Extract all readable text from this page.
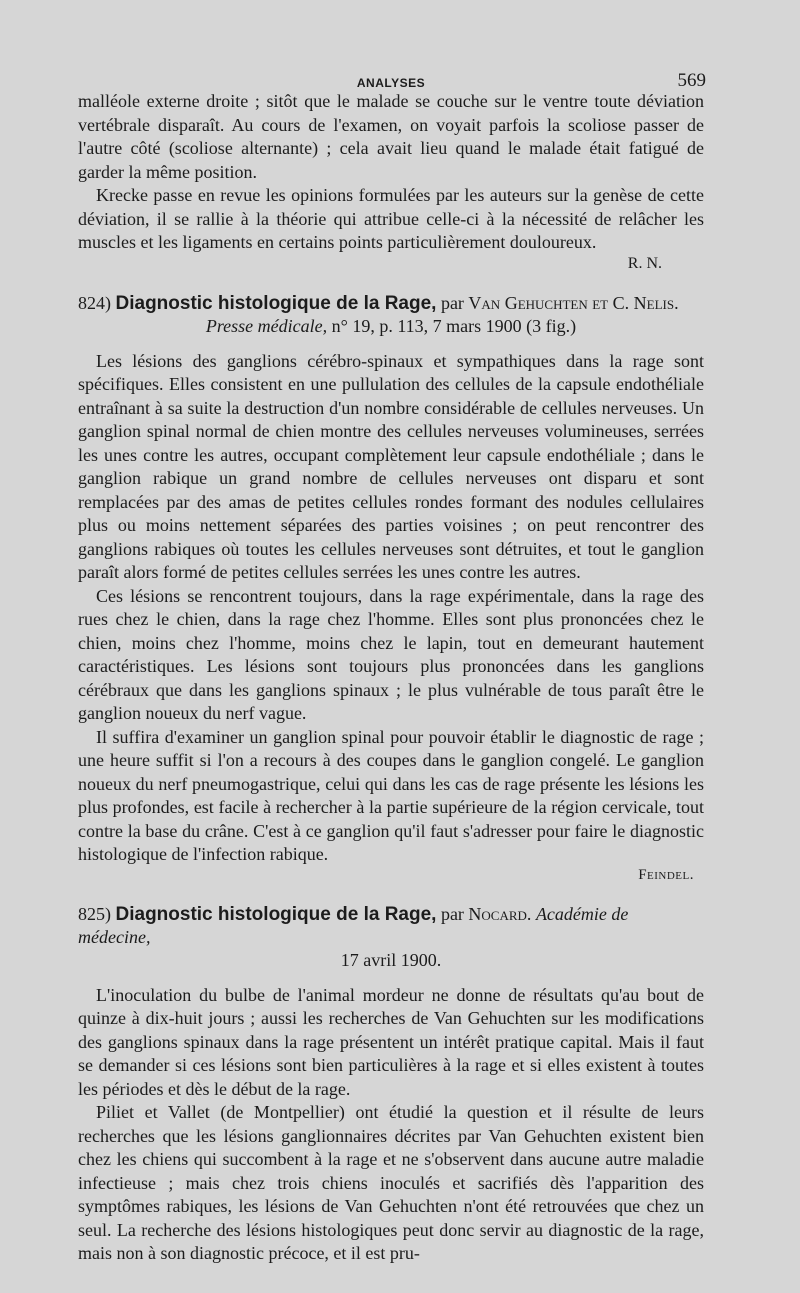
ANALYSES	569

malléole externe droite ; sitôt que le malade se couche sur le ventre toute déviation vertébrale disparaît. Au cours de l'examen, on voyait parfois la scoliose passer de l'autre côté (scoliose alternante) ; cela avait lieu quand le malade était fatigué de garder la même position.

Krecke passe en revue les opinions formulées par les auteurs sur la genèse de cette déviation, il se rallie à la théorie qui attribue celle-ci à la nécessité de relâcher les muscles et les ligaments en certains points particulièrement douloureux.

R. N.
824) Diagnostic histologique de la Rage, par Van Gehuchten et C. Nelis.
Presse médicale, n° 19, p. 113, 7 mars 1900 (3 fig.)

Les lésions des ganglions cérébro-spinaux et sympathiques dans la rage sont spécifiques. Elles consistent en une pullulation des cellules de la capsule endothéliale entraînant à sa suite la destruction d'un nombre considérable de cellules nerveuses. Un ganglion spinal normal de chien montre des cellules nerveuses volumineuses, serrées les unes contre les autres, occupant complètement leur capsule endothéliale ; dans le ganglion rabique un grand nombre de cellules nerveuses ont disparu et sont remplacées par des amas de petites cellules rondes formant des nodules cellulaires plus ou moins nettement séparées des parties voisines ; on peut rencontrer des ganglions rabiques où toutes les cellules nerveuses sont détruites, et tout le ganglion paraît alors formé de petites cellules serrées les unes contre les autres.

Ces lésions se rencontrent toujours, dans la rage expérimentale, dans la rage des rues chez le chien, dans la rage chez l'homme. Elles sont plus prononcées chez le chien, moins chez l'homme, moins chez le lapin, tout en demeurant hautement caractéristiques. Les lésions sont toujours plus prononcées dans les ganglions cérébraux que dans les ganglions spinaux ; le plus vulnérable de tous paraît être le ganglion noueux du nerf vague.

Il suffira d'examiner un ganglion spinal pour pouvoir établir le diagnostic de rage ; une heure suffit si l'on a recours à des coupes dans le ganglion congelé. Le ganglion noueux du nerf pneumogastrique, celui qui dans les cas de rage présente les lésions les plus profondes, est facile à rechercher à la partie supérieure de la région cervicale, tout contre la base du crâne. C'est à ce ganglion qu'il faut s'adresser pour faire le diagnostic histologique de l'infection rabique.

Feindel.
825) Diagnostic histologique de la Rage, par Nocard. Académie de médecine,
17 avril 1900.

L'inoculation du bulbe de l'animal mordeur ne donne de résultats qu'au bout de quinze à dix-huit jours ; aussi les recherches de Van Gehuchten sur les modifications des ganglions spinaux dans la rage présentent un intérêt pratique capital. Mais il faut se demander si ces lésions sont bien particulières à la rage et si elles existent à toutes les périodes et dès le début de la rage.

Piliet et Vallet (de Montpellier) ont étudié la question et il résulte de leurs recherches que les lésions ganglionnaires décrites par Van Gehuchten existent bien chez les chiens qui succombent à la rage et ne s'observent dans aucune autre maladie infectieuse ; mais chez trois chiens inoculés et sacrifiés dès l'apparition des symptômes rabiques, les lésions de Van Gehuchten n'ont été retrouvées que chez un seul. La recherche des lésions histologiques peut donc servir au diagnostic de la rage, mais non à son diagnostic précoce, et il est pru-
